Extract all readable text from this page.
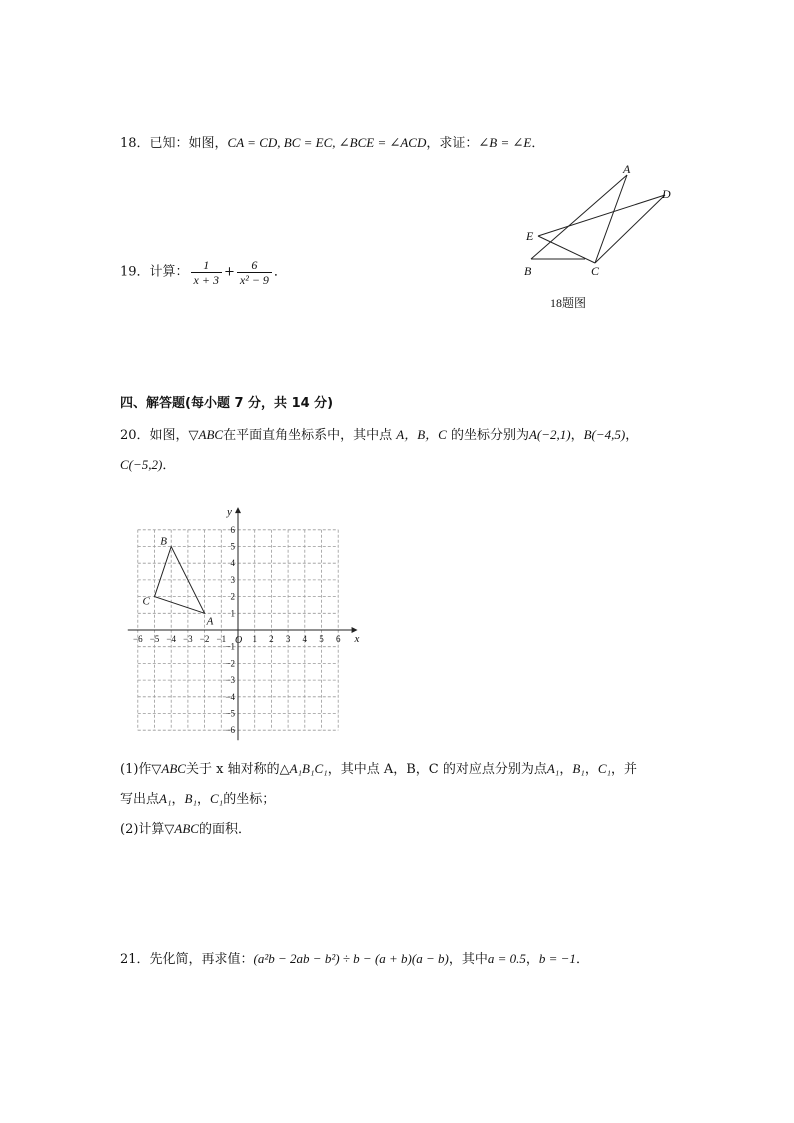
18．已知：如图，CA = CD, BC = EC, ∠BCE = ∠ACD，求证：∠B = ∠E．
A
B	C
D
E
18题图
19．计算： $\frac{1}{x + 3} + \frac{6}{\text{x² − 9}}$ ．
四、解答题(每小题 7 分，共 14 分)
20．如图，▽ABC在平面直角坐标系中，其中点 A，B，C 的坐标分别为A(−2,1)，B(−4,5)，
C(−5,2)．
x
y
O
−6 −5 −4 −3 −2 −1	1 2 3 4 5 6
6
5
4
3
2
1
−1
−2
−3
−4
−5
−6
A
B
C
(1)作▽ABC关于 x 轴对称的△A₁B₁C₁，其中点 A，B，C 的对应点分别为点A₁，B₁，C₁，并
写出点A₁，B₁，C₁的坐标；
(2)计算▽ABC的面积．
21．先化简，再求值：(a²b − 2ab − b²) ÷ b − (a + b)(a − b)，其中a = 0.5，b = −1．
